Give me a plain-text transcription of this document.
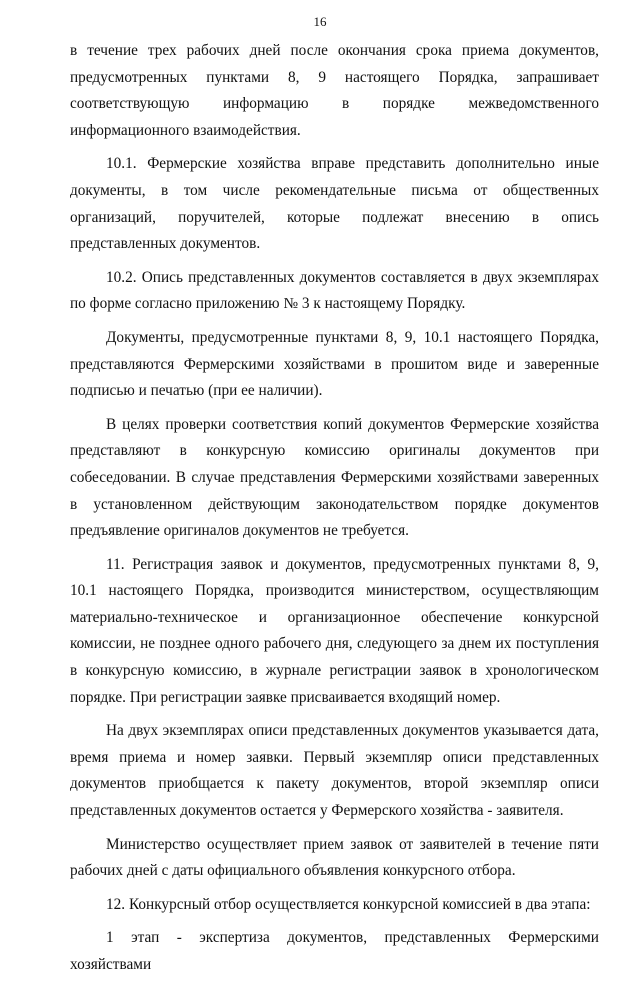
16

в течение трех рабочих дней после окончания срока приема документов, предусмотренных пунктами 8, 9 настоящего Порядка, запрашивает соответствующую информацию в порядке межведомственного информационного взаимодействия.

10.1. Фермерские хозяйства вправе представить дополнительно иные документы, в том числе рекомендательные письма от общественных организаций, поручителей, которые подлежат внесению в опись представленных документов.

10.2. Опись представленных документов составляется в двух экземплярах по форме согласно приложению № 3 к настоящему Порядку.

Документы, предусмотренные пунктами 8, 9, 10.1 настоящего Порядка, представляются Фермерскими хозяйствами в прошитом виде и заверенные подписью и печатью (при ее наличии).

В целях проверки соответствия копий документов Фермерские хозяйства представляют в конкурсную комиссию оригиналы документов при собеседовании. В случае представления Фермерскими хозяйствами заверенных в установленном действующим законодательством порядке документов предъявление оригиналов документов не требуется.

11. Регистрация заявок и документов, предусмотренных пунктами 8, 9, 10.1 настоящего Порядка, производится министерством, осуществляющим материально-техническое и организационное обеспечение конкурсной комиссии, не позднее одного рабочего дня, следующего за днем их поступления в конкурсную комиссию, в журнале регистрации заявок в хронологическом порядке. При регистрации заявке присваивается входящий номер.

На двух экземплярах описи представленных документов указывается дата, время приема и номер заявки. Первый экземпляр описи представленных документов приобщается к пакету документов, второй экземпляр описи представленных документов остается у Фермерского хозяйства - заявителя.

Министерство осуществляет прием заявок от заявителей в течение пяти рабочих дней с даты официального объявления конкурсного отбора.

12. Конкурсный отбор осуществляется конкурсной комиссией в два этапа:

1 этап - экспертиза документов, представленных Фермерскими хозяйствами
